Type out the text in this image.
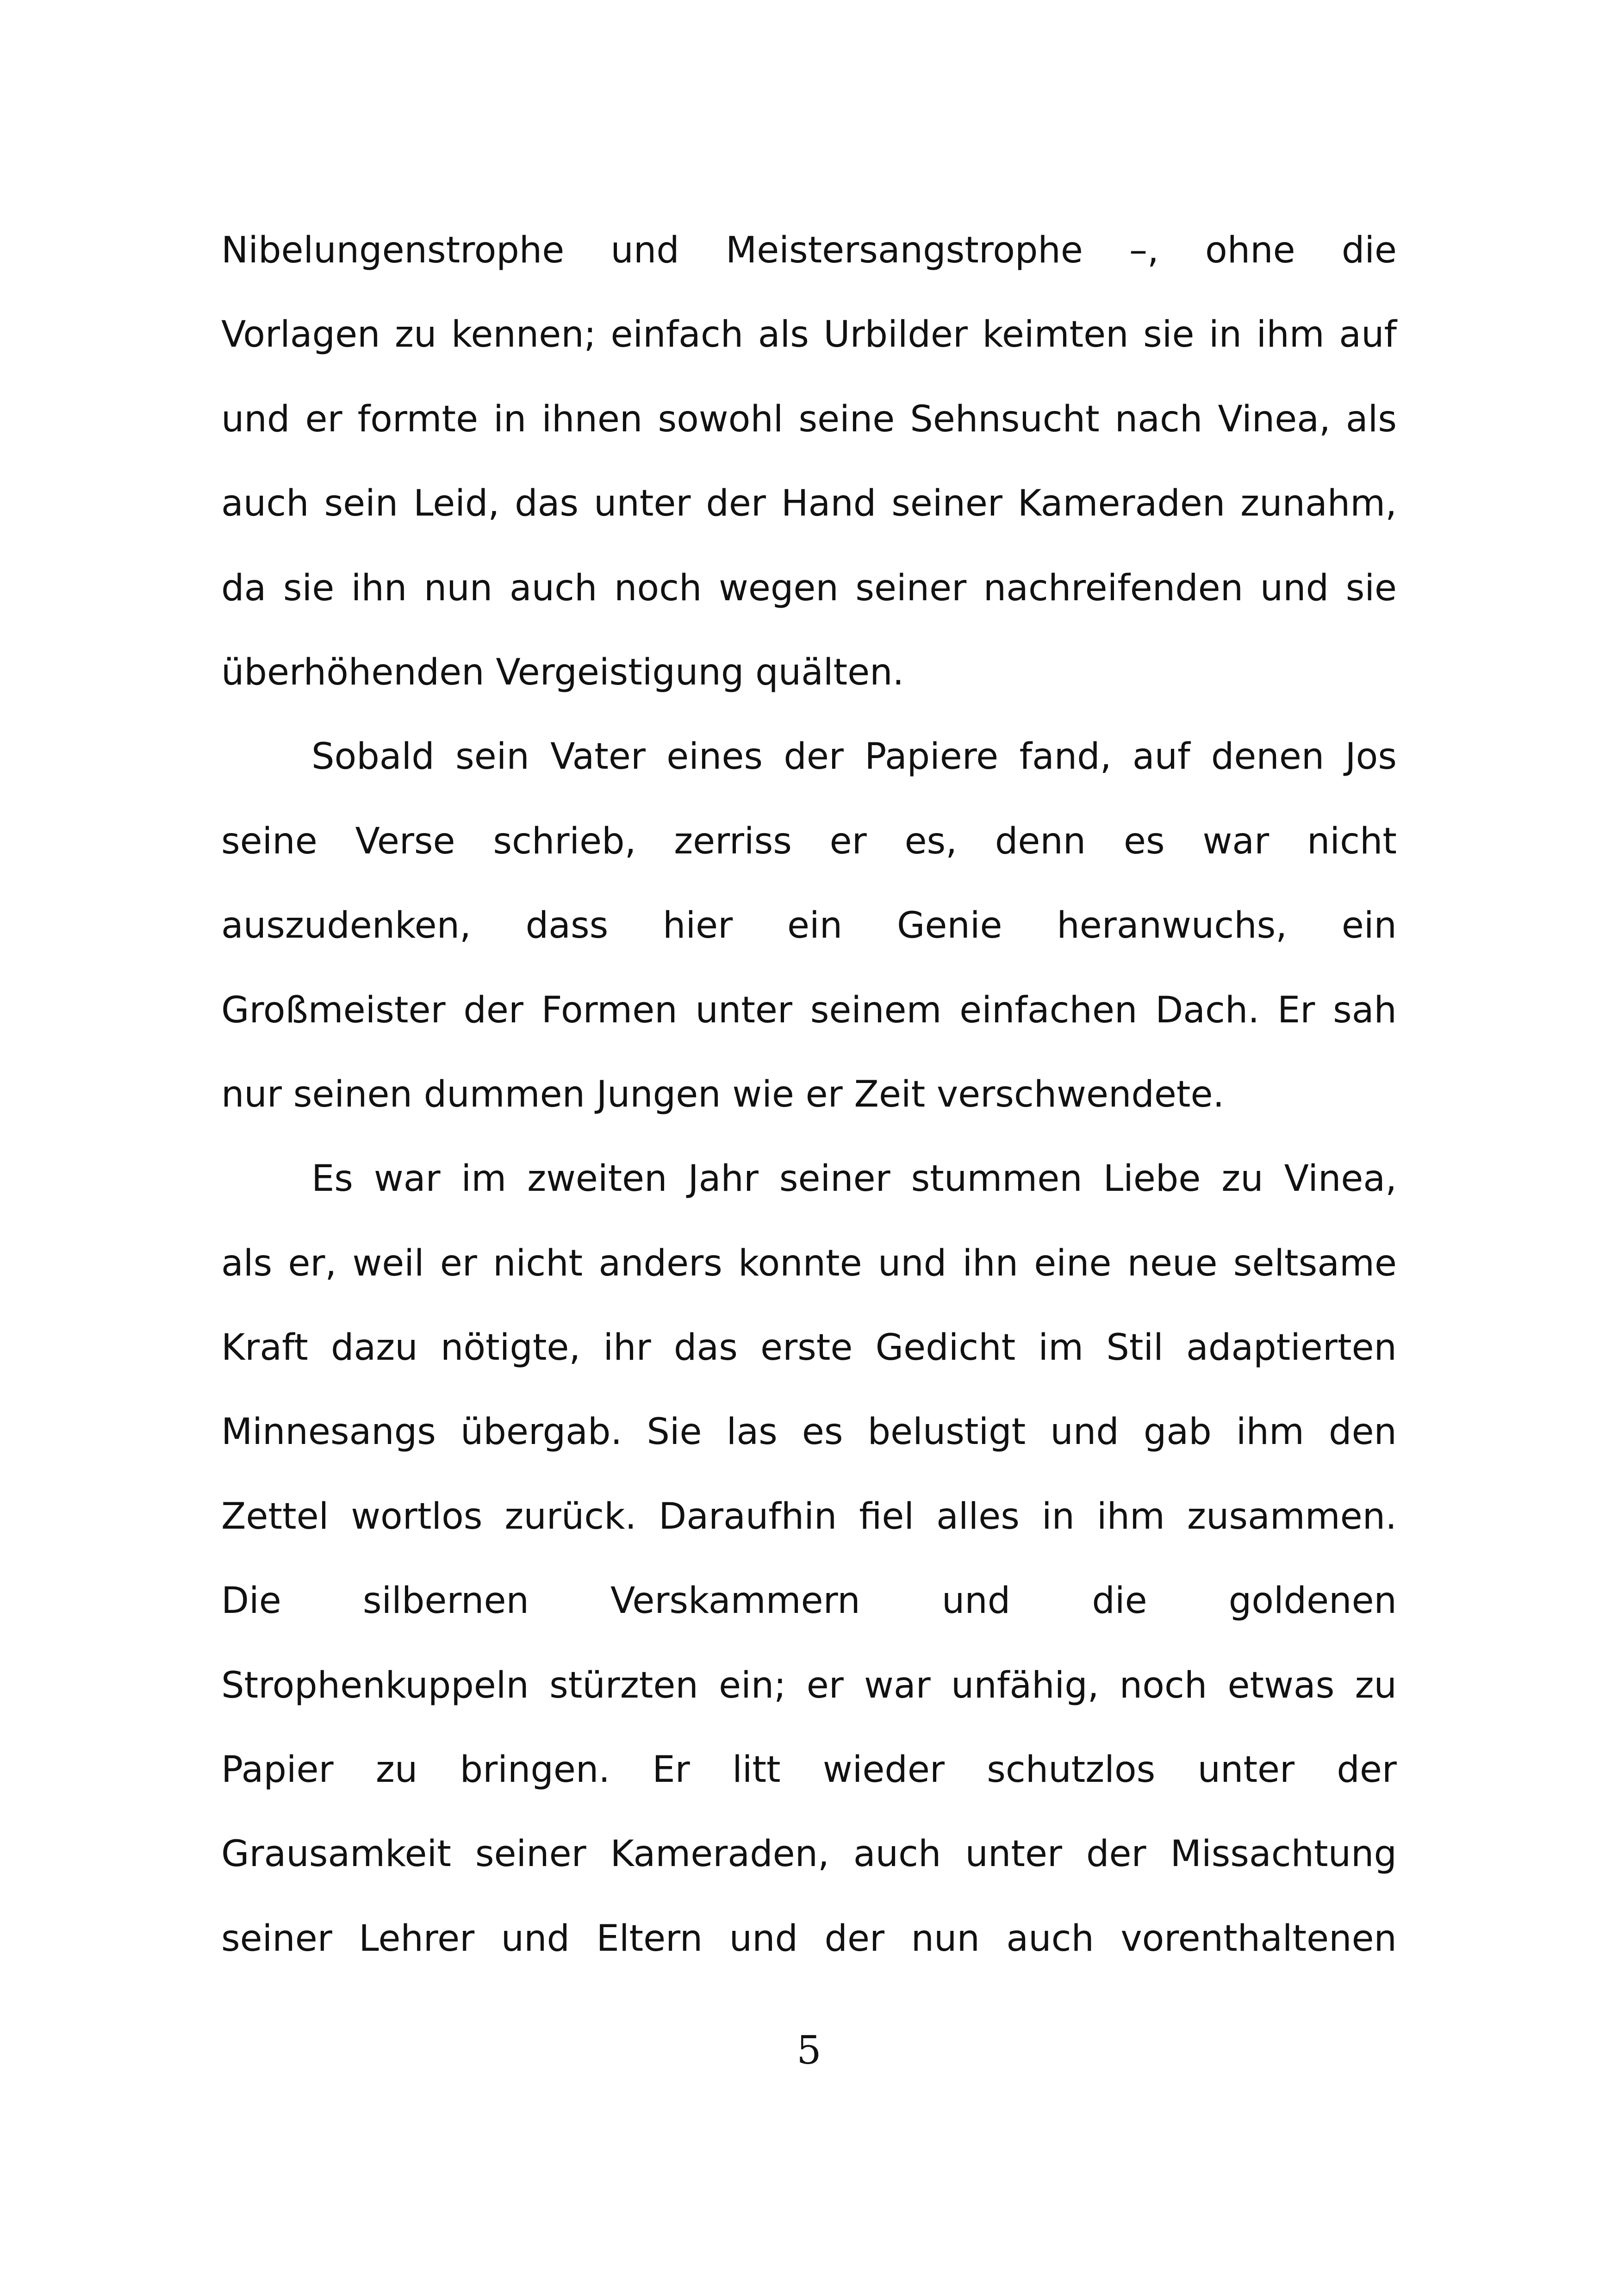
Nibelungenstrophe und Meistersangstrophe –, ohne die
Vorlagen zu kennen; einfach als Urbilder keimten sie in ihm auf
und er formte in ihnen sowohl seine Sehnsucht nach Vinea, als
auch sein Leid, das unter der Hand seiner Kameraden zunahm,
da sie ihn nun auch noch wegen seiner nachreifenden und sie
überhöhenden Vergeistigung quälten.
Sobald sein Vater eines der Papiere fand, auf denen Jos
seine Verse schrieb, zerriss er es, denn es war nicht
auszudenken, dass hier ein Genie heranwuchs, ein
Großmeister der Formen unter seinem einfachen Dach. Er sah
nur seinen dummen Jungen wie er Zeit verschwendete.
Es war im zweiten Jahr seiner stummen Liebe zu Vinea,
als er, weil er nicht anders konnte und ihn eine neue seltsame
Kraft dazu nötigte, ihr das erste Gedicht im Stil adaptierten
Minnesangs übergab. Sie las es belustigt und gab ihm den
Zettel wortlos zurück. Daraufhin fiel alles in ihm zusammen.
Die silbernen Verskammern und die goldenen
Strophenkuppeln stürzten ein; er war unfähig, noch etwas zu
Papier zu bringen. Er litt wieder schutzlos unter der
Grausamkeit seiner Kameraden, auch unter der Missachtung
seiner Lehrer und Eltern und der nun auch vorenthaltenen
5
